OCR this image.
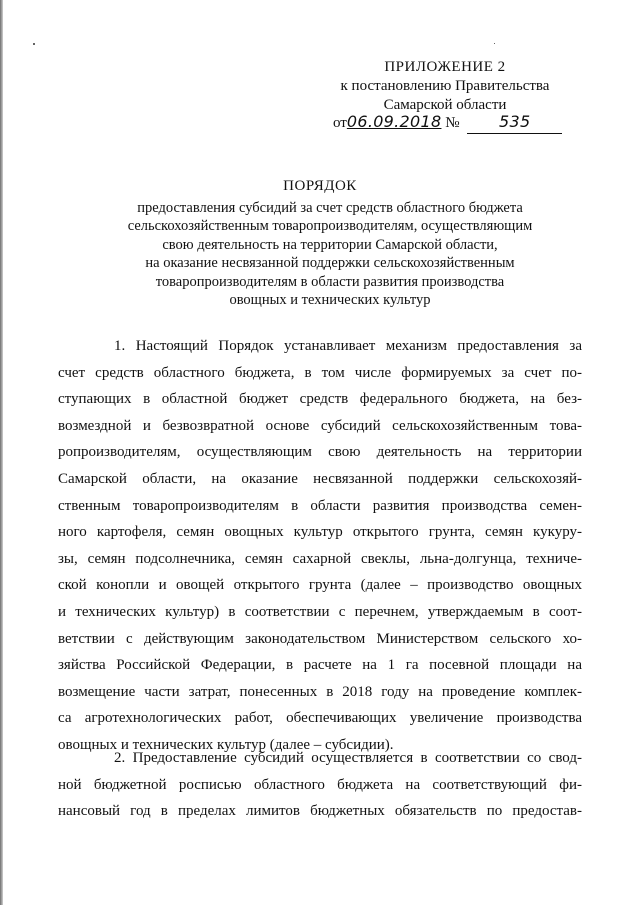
ПРИЛОЖЕНИЕ 2
к постановлению Правительства
Самарской области
от06.09.2018 № 535
ПОРЯДОК
предоставления субсидий за счет средств областного бюджета
сельскохозяйственным товаропроизводителям, осуществляющим
свою деятельность на территории Самарской области,
на оказание несвязанной поддержки сельскохозяйственным
товаропроизводителям в области развития производства
овощных и технических культур
1. Настоящий Порядок устанавливает механизм предоставления за
счет средств областного бюджета, в том числе формируемых за счет по-
ступающих в областной бюджет средств федерального бюджета, на без-
возмездной и безвозвратной основе субсидий сельскохозяйственным това-
ропроизводителям, осуществляющим свою деятельность на территории
Самарской области, на оказание несвязанной поддержки сельскохозяй-
ственным товаропроизводителям в области развития производства семен-
ного картофеля, семян овощных культур открытого грунта, семян кукуру-
зы, семян подсолнечника, семян сахарной свеклы, льна-долгунца, техниче-
ской конопли и овощей открытого грунта (далее – производство овощных
и технических культур) в соответствии с перечнем, утверждаемым в соот-
ветствии с действующим законодательством Министерством сельского хо-
зяйства Российской Федерации, в расчете на 1 га посевной площади на
возмещение части затрат, понесенных в 2018 году на проведение комплек-
са агротехнологических работ, обеспечивающих увеличение производства
овощных и технических культур (далее – субсидии).
2. Предоставление субсидий осуществляется в соответствии со свод-
ной бюджетной росписью областного бюджета на соответствующий фи-
нансовый год в пределах лимитов бюджетных обязательств по предостав-
